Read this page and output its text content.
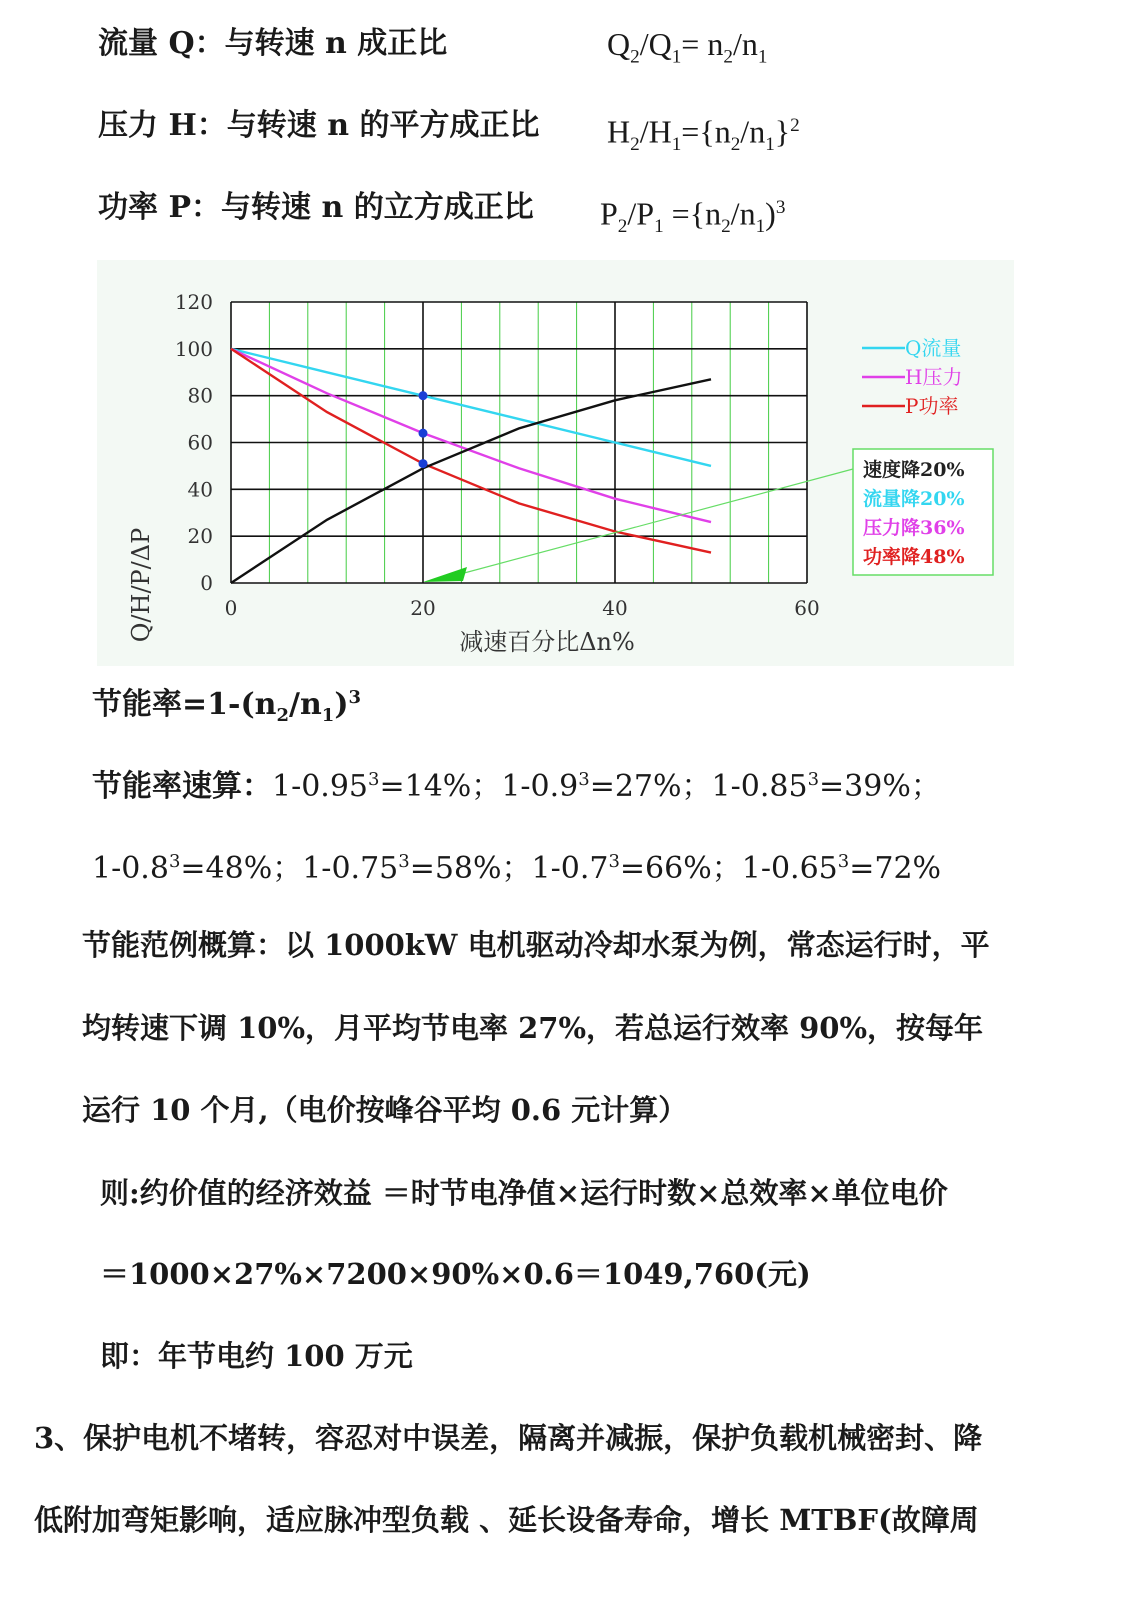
流量 Q：与转速 n 成正比	$Q_2/Q_1= n_2/n_1$
压力 H：与转速 n 的平方成正比 $H_2/H_1=\{n_2/n_1\}^2$
功率 P：与转速 n 的立方成正比 $P_2/P_1 =\{n_2/n_1)^3$
0
20
40
60
80
100
120
0	20	40	60
Q流量
H压力
P功率
速度降20%
流量降20%
压力降36%
功率降48%
减速百分比Δn%
Q/H/P/ΔP
节能率$=1-(n_2/n_1)^3$
节能率速算：$1-0.95^3=14\%$；$1-0.9^3=27\%$；$1-0.85^3=39\%$；
$1-0.8^3=48\%$；$1-0.75^3=58\%$；$1-0.7^3=66\%$；$1-0.65^3=72\%$
节能范例概算：以 1000kW 电机驱动冷却水泵为例，常态运行时，平
均转速下调 10%，月平均节电率 27%，若总运行效率 90%，按每年
运行 10 个月,（电价按峰谷平均 0.6 元计算）
则:约价值的经济效益 ＝时节电净值×运行时数×总效率×单位电价
＝1000×27%×7200×90%×0.6＝1049,760(元)
即：年节电约 100 万元
3、保护电机不堵转，容忍对中误差，隔离并减振，保护负载机械密封、降
低附加弯矩影响，适应脉冲型负载 、延长设备寿命，增长 MTBF(故障周
